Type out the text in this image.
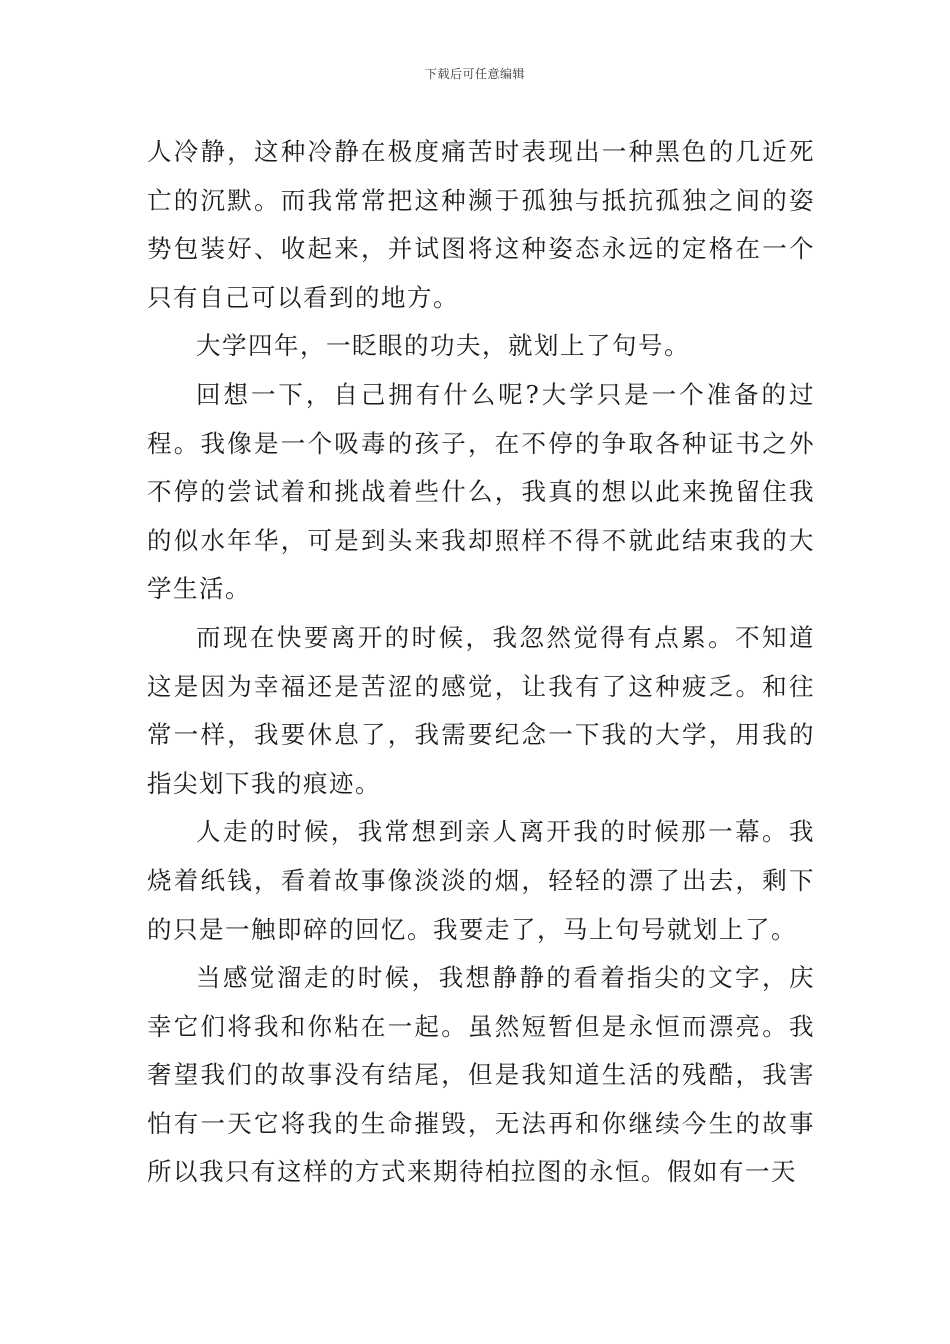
下载后可任意编辑

人冷静，这种冷静在极度痛苦时表现出一种黑色的几近死亡的沉默。而我常常把这种濒于孤独与抵抗孤独之间的姿势包装好、收起来，并试图将这种姿态永远的定格在一个只有自己可以看到的地方。

大学四年，一眨眼的功夫，就划上了句号。

回想一下，自己拥有什么呢?大学只是一个准备的过程。我像是一个吸毒的孩子，在不停的争取各种证书之外不停的尝试着和挑战着些什么，我真的想以此来挽留住我的似水年华，可是到头来我却照样不得不就此结束我的大学生活。

而现在快要离开的时候，我忽然觉得有点累。不知道这是因为幸福还是苦涩的感觉，让我有了这种疲乏。和往常一样，我要休息了，我需要纪念一下我的大学，用我的指尖划下我的痕迹。

人走的时候，我常想到亲人离开我的时候那一幕。我烧着纸钱，看着故事像淡淡的烟，轻轻的漂了出去，剩下的只是一触即碎的回忆。我要走了，马上句号就划上了。

当感觉溜走的时候，我想静静的看着指尖的文字，庆幸它们将我和你粘在一起。虽然短暂但是永恒而漂亮。我奢望我们的故事没有结尾，但是我知道生活的残酷，我害怕有一天它将我的生命摧毁，无法再和你继续今生的故事所以我只有这样的方式来期待柏拉图的永恒。假如有一天
